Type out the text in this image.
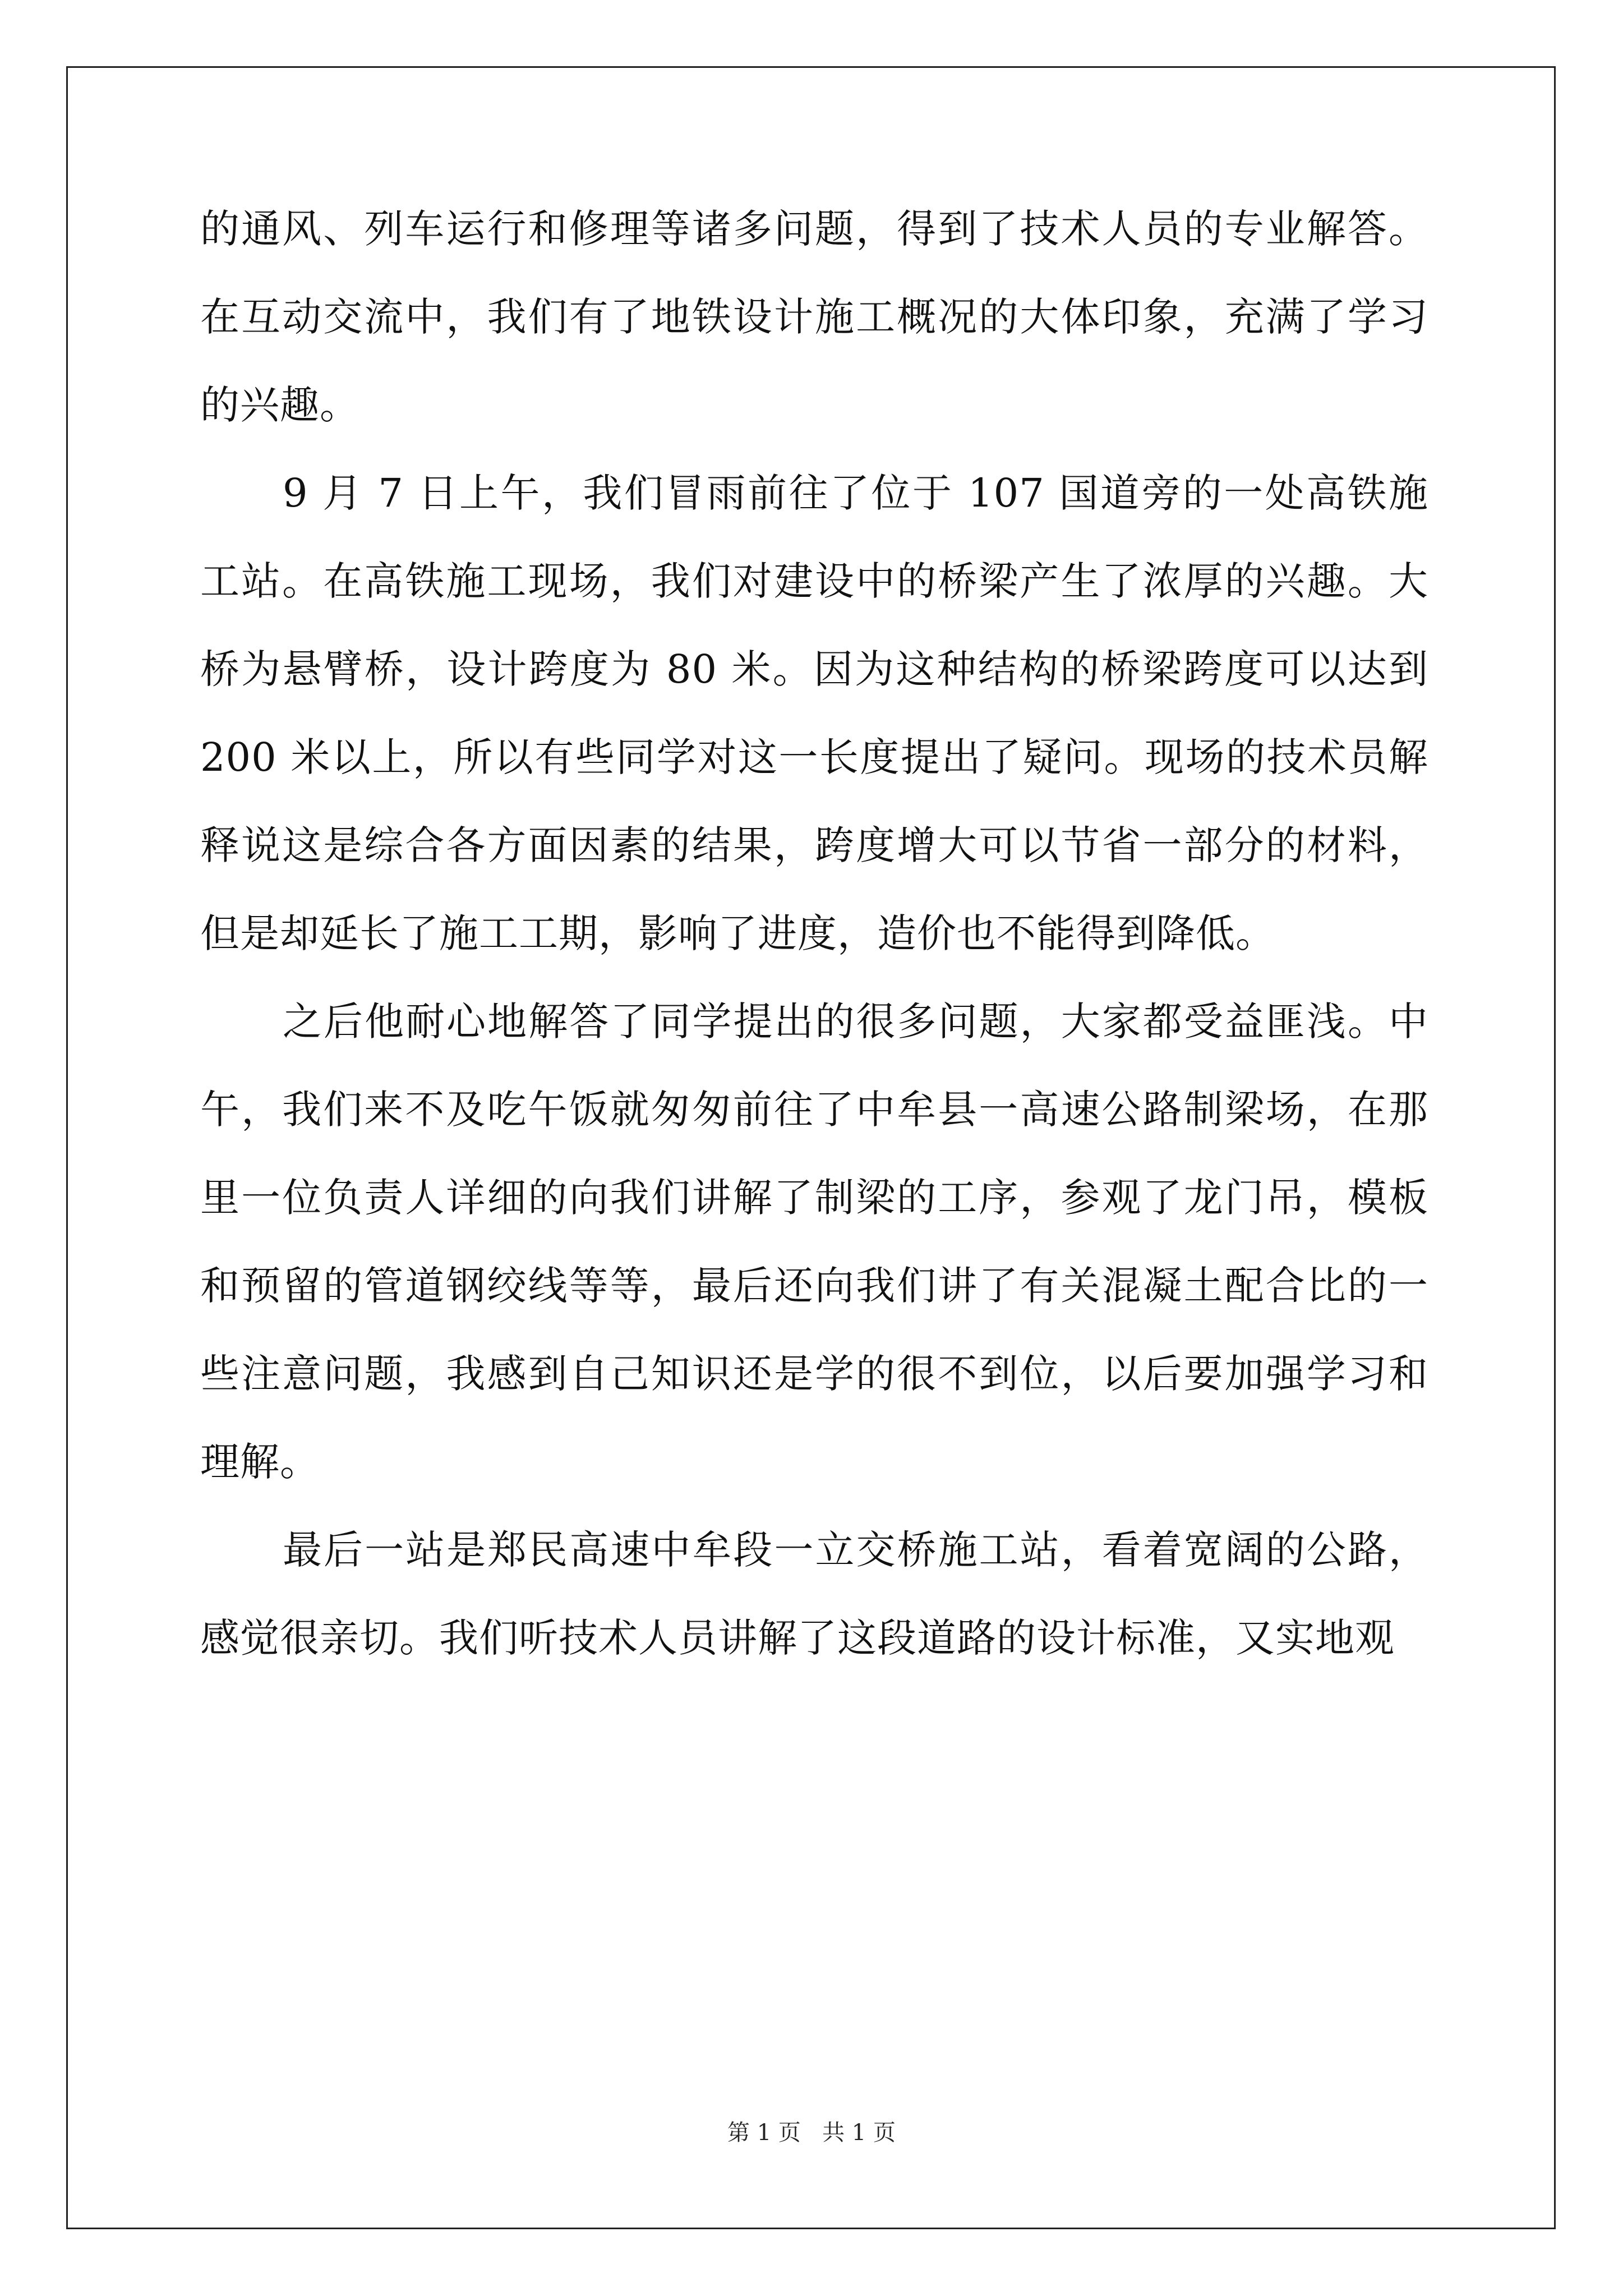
的通风、列车运行和修理等诸多问题，得到了技术人员的专业解答。在互动交流中，我们有了地铁设计施工概况的大体印象，充满了学习的兴趣。

9 月 7 日上午，我们冒雨前往了位于 107 国道旁的一处高铁施工站。在高铁施工现场，我们对建设中的桥梁产生了浓厚的兴趣。大桥为悬臂桥，设计跨度为 80 米。因为这种结构的桥梁跨度可以达到 200 米以上，所以有些同学对这一长度提出了疑问。现场的技术员解释说这是综合各方面因素的结果，跨度增大可以节省一部分的材料，但是却延长了施工工期，影响了进度，造价也不能得到降低。

之后他耐心地解答了同学提出的很多问题，大家都受益匪浅。中午，我们来不及吃午饭就匆匆前往了中牟县一高速公路制梁场，在那里一位负责人详细的向我们讲解了制梁的工序，参观了龙门吊，模板和预留的管道钢绞线等等，最后还向我们讲了有关混凝土配合比的一些注意问题，我感到自己知识还是学的很不到位，以后要加强学习和理解。

最后一站是郑民高速中牟段一立交桥施工站，看着宽阔的公路，感觉很亲切。我们听技术人员讲解了这段道路的设计标准，又实地观

第 1 页   共 1 页
